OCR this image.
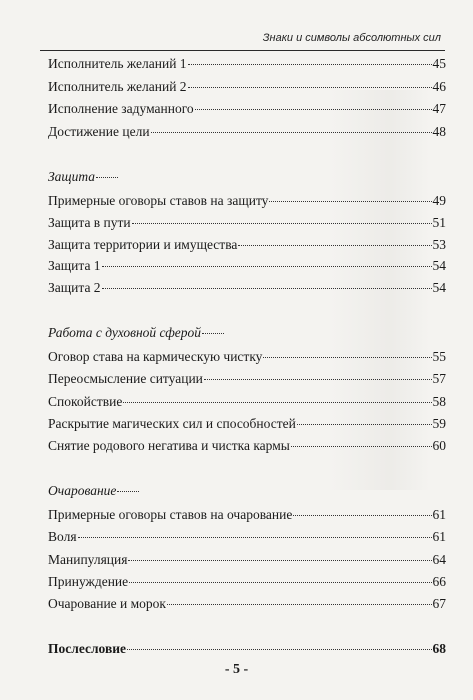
Знаки и символы абсолютных сил
Исполнитель желаний 1	45
Исполнитель желаний 2	46
Исполнение задуманного	47
Достижение цели	48
Защита
Примерные оговоры ставов на защиту	49
Защита в пути	51
Защита территории и имущества	53
Защита 1	54
Защита 2	54
Работа с духовной сферой
Оговор става на кармическую чистку	55
Переосмысление ситуации	57
Спокойствие	58
Раскрытие магических сил и способностей	59
Снятие родового негатива и чистка кармы	60
Очарование
Примерные оговоры ставов на очарование	61
Воля	61
Манипуляция	64
Принуждение	66
Очарование и морок	67
Послесловие	68
- 5 -
